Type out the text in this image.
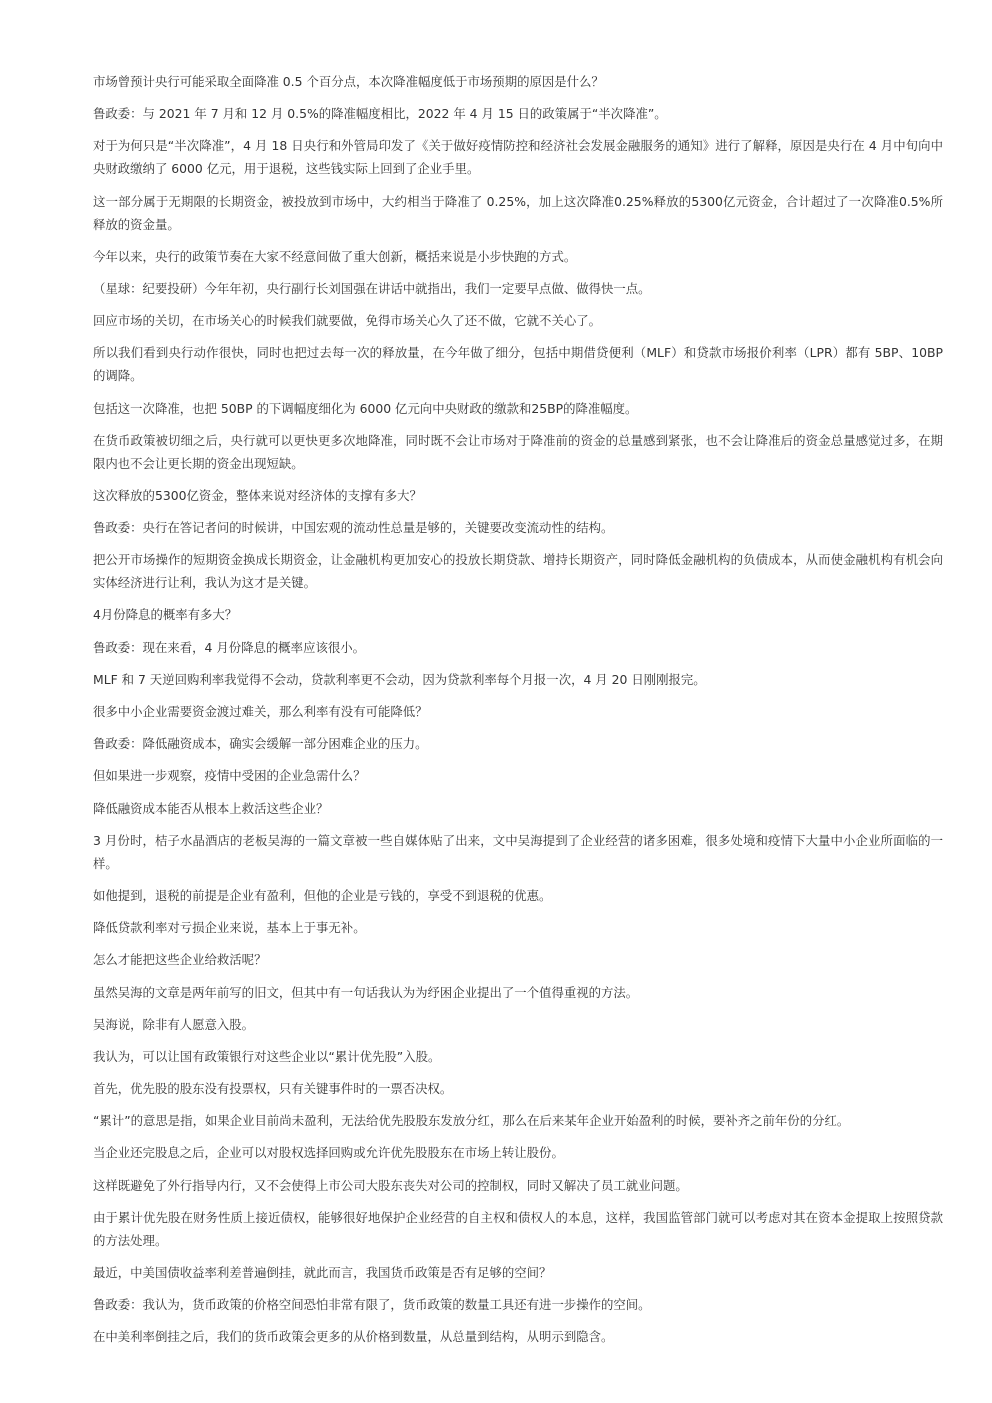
市场曾预计央行可能采取全面降准 0.5 个百分点，本次降准幅度低于市场预期的原因是什么？

鲁政委：与 2021 年 7 月和 12 月 0.5%的降准幅度相比，2022 年 4 月 15 日的政策属于“半次降准”。

对于为何只是“半次降准”，4 月 18 日央行和外管局印发了《关于做好疫情防控和经济社会发展金融服务的通知》进行了解释，原因是央行在 4 月中旬向中央财政缴纳了 6000 亿元，用于退税，这些钱实际上回到了企业手里。

这一部分属于无期限的长期资金，被投放到市场中，大约相当于降准了 0.25%，加上这次降准0.25%释放的5300亿元资金，合计超过了一次降准0.5%所释放的资金量。

今年以来，央行的政策节奏在大家不经意间做了重大创新，概括来说是小步快跑的方式。

（星球：纪要投研）今年年初，央行副行长刘国强在讲话中就指出，我们一定要早点做、做得快一点。

回应市场的关切，在市场关心的时候我们就要做，免得市场关心久了还不做，它就不关心了。

所以我们看到央行动作很快，同时也把过去每一次的释放量，在今年做了细分，包括中期借贷便利（MLF）和贷款市场报价利率（LPR）都有 5BP、10BP 的调降。

包括这一次降准，也把 50BP 的下调幅度细化为 6000 亿元向中央财政的缴款和25BP的降准幅度。

在货币政策被切细之后，央行就可以更快更多次地降准，同时既不会让市场对于降准前的资金的总量感到紧张，也不会让降准后的资金总量感觉过多，在期限内也不会让更长期的资金出现短缺。

这次释放的5300亿资金，整体来说对经济体的支撑有多大？

鲁政委：央行在答记者问的时候讲，中国宏观的流动性总量是够的，关键要改变流动性的结构。

把公开市场操作的短期资金换成长期资金，让金融机构更加安心的投放长期贷款、增持长期资产，同时降低金融机构的负债成本，从而使金融机构有机会向实体经济进行让利，我认为这才是关键。

4月份降息的概率有多大？

鲁政委：现在来看，4 月份降息的概率应该很小。

MLF 和 7 天逆回购利率我觉得不会动，贷款利率更不会动，因为贷款利率每个月报一次，4 月 20 日刚刚报完。

很多中小企业需要资金渡过难关，那么利率有没有可能降低？

鲁政委：降低融资成本，确实会缓解一部分困难企业的压力。

但如果进一步观察，疫情中受困的企业急需什么？

降低融资成本能否从根本上救活这些企业？

3 月份时，桔子水晶酒店的老板吴海的一篇文章被一些自媒体贴了出来，文中吴海提到了企业经营的诸多困难，很多处境和疫情下大量中小企业所面临的一样。

如他提到，退税的前提是企业有盈利，但他的企业是亏钱的，享受不到退税的优惠。

降低贷款利率对亏损企业来说，基本上于事无补。

怎么才能把这些企业给救活呢？

虽然吴海的文章是两年前写的旧文，但其中有一句话我认为为纾困企业提出了一个值得重视的方法。

吴海说，除非有人愿意入股。

我认为，可以让国有政策银行对这些企业以“累计优先股”入股。

首先，优先股的股东没有投票权，只有关键事件时的一票否决权。

“累计”的意思是指，如果企业目前尚未盈利，无法给优先股股东发放分红，那么在后来某年企业开始盈利的时候，要补齐之前年份的分红。

当企业还完股息之后，企业可以对股权选择回购或允许优先股股东在市场上转让股份。

这样既避免了外行指导内行，又不会使得上市公司大股东丧失对公司的控制权，同时又解决了员工就业问题。

由于累计优先股在财务性质上接近债权，能够很好地保护企业经营的自主权和债权人的本息，这样，我国监管部门就可以考虑对其在资本金提取上按照贷款的方法处理。

最近，中美国债收益率利差普遍倒挂，就此而言，我国货币政策是否有足够的空间？

鲁政委：我认为，货币政策的价格空间恐怕非常有限了，货币政策的数量工具还有进一步操作的空间。

在中美利率倒挂之后，我们的货币政策会更多的从价格到数量，从总量到结构，从明示到隐含。
